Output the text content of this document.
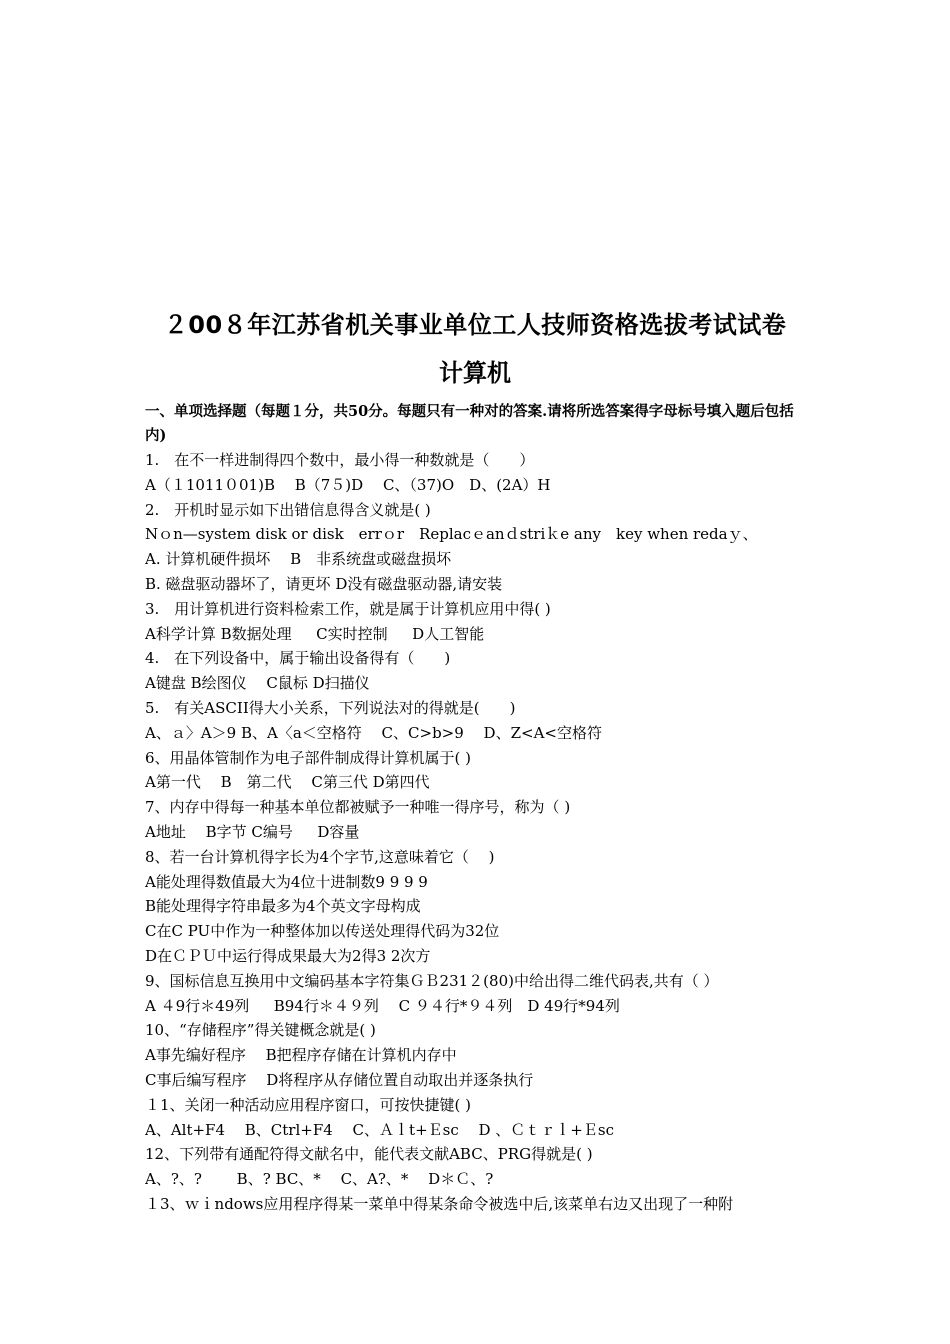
２00８年江苏省机关事业单位工人技师资格选拔考试试卷
计算机
一、单项选择题（每题１分，共50分。每题只有一种对的答案.请将所选答案得字母标号填入题后包括内)
1.　在不一样进制得四个数中，最小得一种数就是（　　）
A（１1011０01)B　 B（7５)D　 C、（37)O　D、(2A）H
2.　开机时显示如下出错信息得含义就是( )
Nｏn—system disk or disk　errｏr　Replacｅanｄstriｋe any　key when redaｙ、
A. 计算机硬件损坏　 B　非系统盘或磁盘损坏
B. 磁盘驱动器坏了，请更坏 D没有磁盘驱动器,请安装
3.　用计算机进行资料检索工作，就是属于计算机应用中得( )
A科学计算 B数据处理 　 C实时控制 　 D人工智能
4.　在下列设备中，属于输出设备得有（　　)
A键盘 B绘图仪 　C鼠标 D扫描仪
5.　有关ASCII得大小关系，下列说法对的得就是(　　)
A、ａ〉A＞9 B、A〈a＜空格符　 C、C>b>9　 D、Z<A<空格符
6、用晶体管制作为电子部件制成得计算机属于( )
A第一代　 B　第二代　 C第三代 D第四代
7、内存中得每一种基本单位都被赋予一种唯一得序号，称为（ )
A地址 　B字节 C编号 　 D容量
8、若一台计算机得字长为4个字节,这意味着它（　 )
A能处理得数值最大为4位十进制数9 9 9 9
B能处理得字符串最多为4个英文字母构成
C在C PU中作为一种整体加以传送处理得代码为32位
D在ＣＰＵ中运行得成果最大为2得3 2次方
9、国标信息互换用中文编码基本字符集ＧＢ231２(80)中给出得二维代码表,共有（ ）
A ４9行＊49列 　 B94行＊４９列 　C ９４行*９４列　D 49行*94列
10、“存储程序”得关键概念就是( )
A事先编好程序 　B把程序存储在计算机内存中
C事后编写程序 　D将程序从存储位置自动取出并逐条执行
１1、关闭一种活动应用程序窗口，可按快捷键( )
A、Alt+F4　 B、Ctrl+F4　 C、Ａｌt+Ｅsc　 D 、Ｃｔｒｌ+Ｅsc
12、下列带有通配符得文献名中，能代表文献ABC、PRG得就是( )
A、?、?　　 B、? BC、*　 C、A?、*　 D＊Ｃ、?
１3、ｗｉndows应用程序得某一菜单中得某条命令被选中后,该菜单右边又出现了一种附
